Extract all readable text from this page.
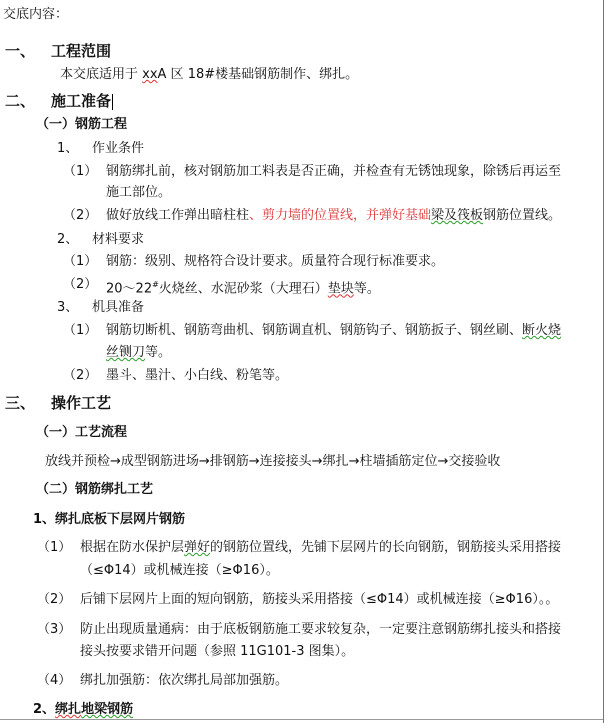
交底内容：
一、 工程范围
本交底适用于 xxA 区 18#楼基础钢筋制作、绑扎。
二、 施工准备
（一）钢筋工程
1、 作业条件
（1） 钢筋绑扎前，核对钢筋加工料表是否正确，并检查有无锈蚀现象，除锈后再运至
施工部位。
（2） 做好放线工作弹出暗柱柱、剪力墙的位置线，并弹好基础梁及筏板钢筋位置线。
2、 材料要求
（1） 钢筋：级别、规格符合设计要求。质量符合现行标准要求。
（2） 20～22#火烧丝、水泥砂浆（大理石）垫块等。
3、 机具准备
（1） 钢筋切断机、钢筋弯曲机、钢筋调直机、钢筋钩子、钢筋扳子、钢丝刷、断火烧
丝铡刀等。
（2） 墨斗、墨汁、小白线、粉笔等。
三、 操作工艺
（一）工艺流程
放线并预检→成型钢筋进场→排钢筋→连接接头→绑扎→柱墙插筋定位→交接验收
（二）钢筋绑扎工艺
1、绑扎底板下层网片钢筋
（1） 根据在防水保护层弹好的钢筋位置线，先铺下层网片的长向钢筋，钢筋接头采用搭接
（≤Φ14）或机械连接（≥Φ16）。
（2） 后铺下层网片上面的短向钢筋，筋接头采用搭接（≤Φ14）或机械连接（≥Φ16）。。
（3） 防止出现质量通病：由于底板钢筋施工要求较复杂，一定要注意钢筋绑扎接头和搭接
接头按要求错开问题（参照 11G101-3 图集）。
（4） 绑扎加强筋：依次绑扎局部加强筋。
2、绑扎地梁钢筋
